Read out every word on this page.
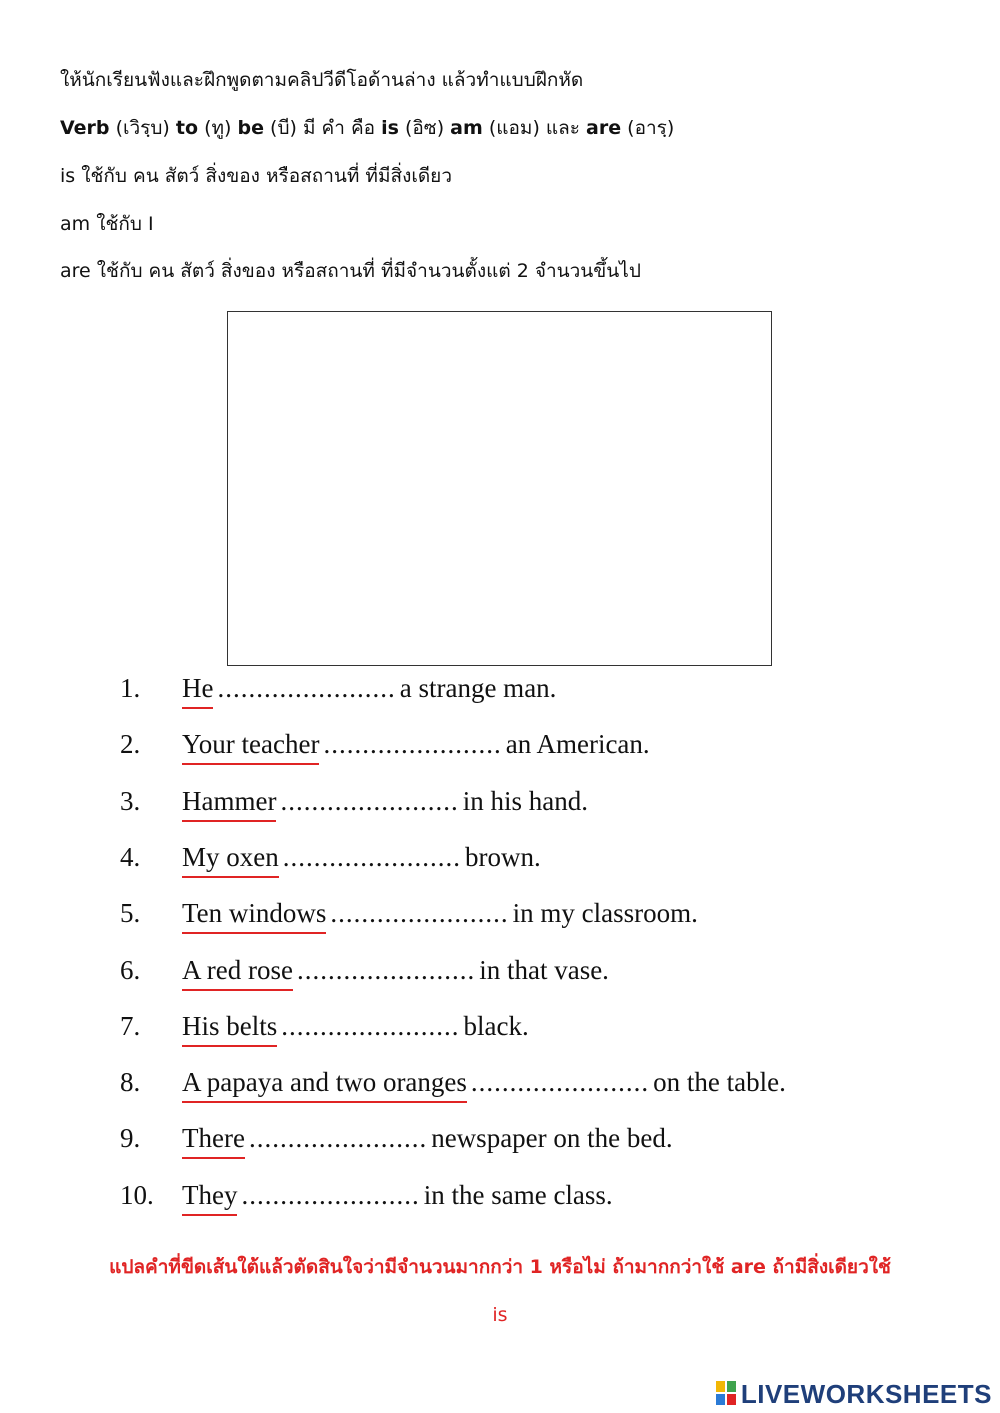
ให้นักเรียนฟังและฝึกพูดตามคลิปวีดีโอด้านล่าง แล้วทำแบบฝึกหัด
Verb (เวิรฺบ) to (ทู) be (บี) มี คำ คือ is (อิซ) am (แอม) และ are (อารฺ)
is ใช้กับ คน สัตว์ สิ่งของ หรือสถานที่ ที่มีสิ่งเดียว
am ใช้กับ I
are ใช้กับ คน สัตว์ สิ่งของ หรือสถานที่ ที่มีจำนวนตั้งแต่ 2 จำนวนขึ้นไป
1.	He ....................... a strange man.
2.	Your teacher ....................... an American.
3.	Hammer ....................... in his hand.
4.	My oxen ....................... brown.
5.	Ten windows ....................... in my classroom.
6.	A red rose ....................... in that vase.
7.	His belts ....................... black.
8.	A papaya and two oranges ....................... on the table.
9.	There ....................... newspaper on the bed.
10.	They ....................... in the same class.
แปลคำที่ขีดเส้นใต้แล้วตัดสินใจว่ามีจำนวนมากกว่า 1 หรือไม่ ถ้ามากกว่าใช้ are ถ้ามีสิ่งเดียวใช้
is
LIVEWORKSHEETS
